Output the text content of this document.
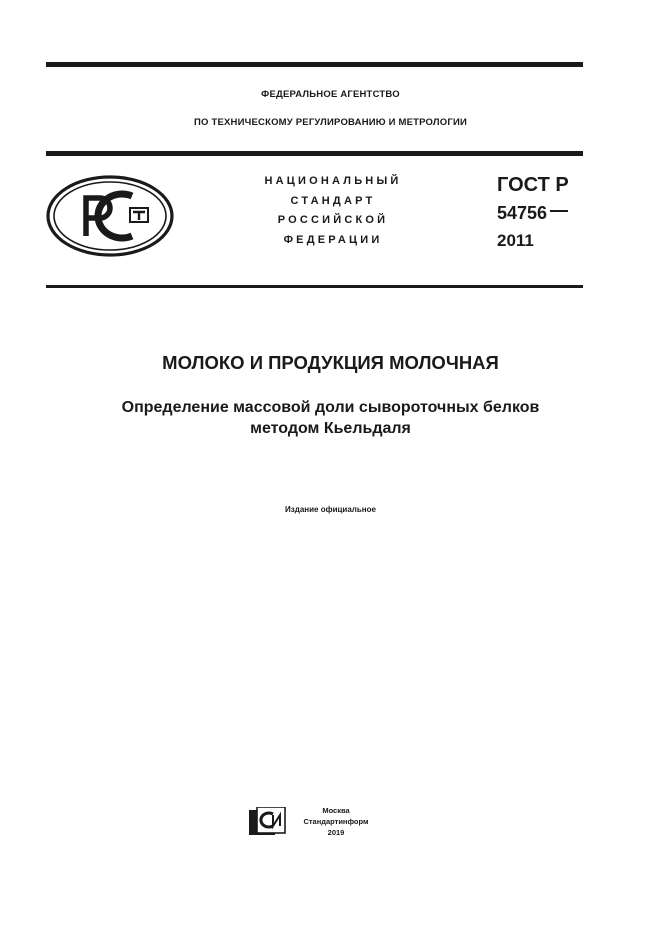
ФЕДЕРАЛЬНОЕ АГЕНТСТВО
ПО ТЕХНИЧЕСКОМУ РЕГУЛИРОВАНИЮ И МЕТРОЛОГИИ
НАЦИОНАЛЬНЫЙ
СТАНДАРТ
РОССИЙСКОЙ
ФЕДЕРАЦИИ
ГОСТ Р
54756
2011
МОЛОКО И ПРОДУКЦИЯ МОЛОЧНАЯ
Определение массовой доли сывороточных белков
методом Кьельдаля
Издание официальное
Москва
Стандартинформ
2019
